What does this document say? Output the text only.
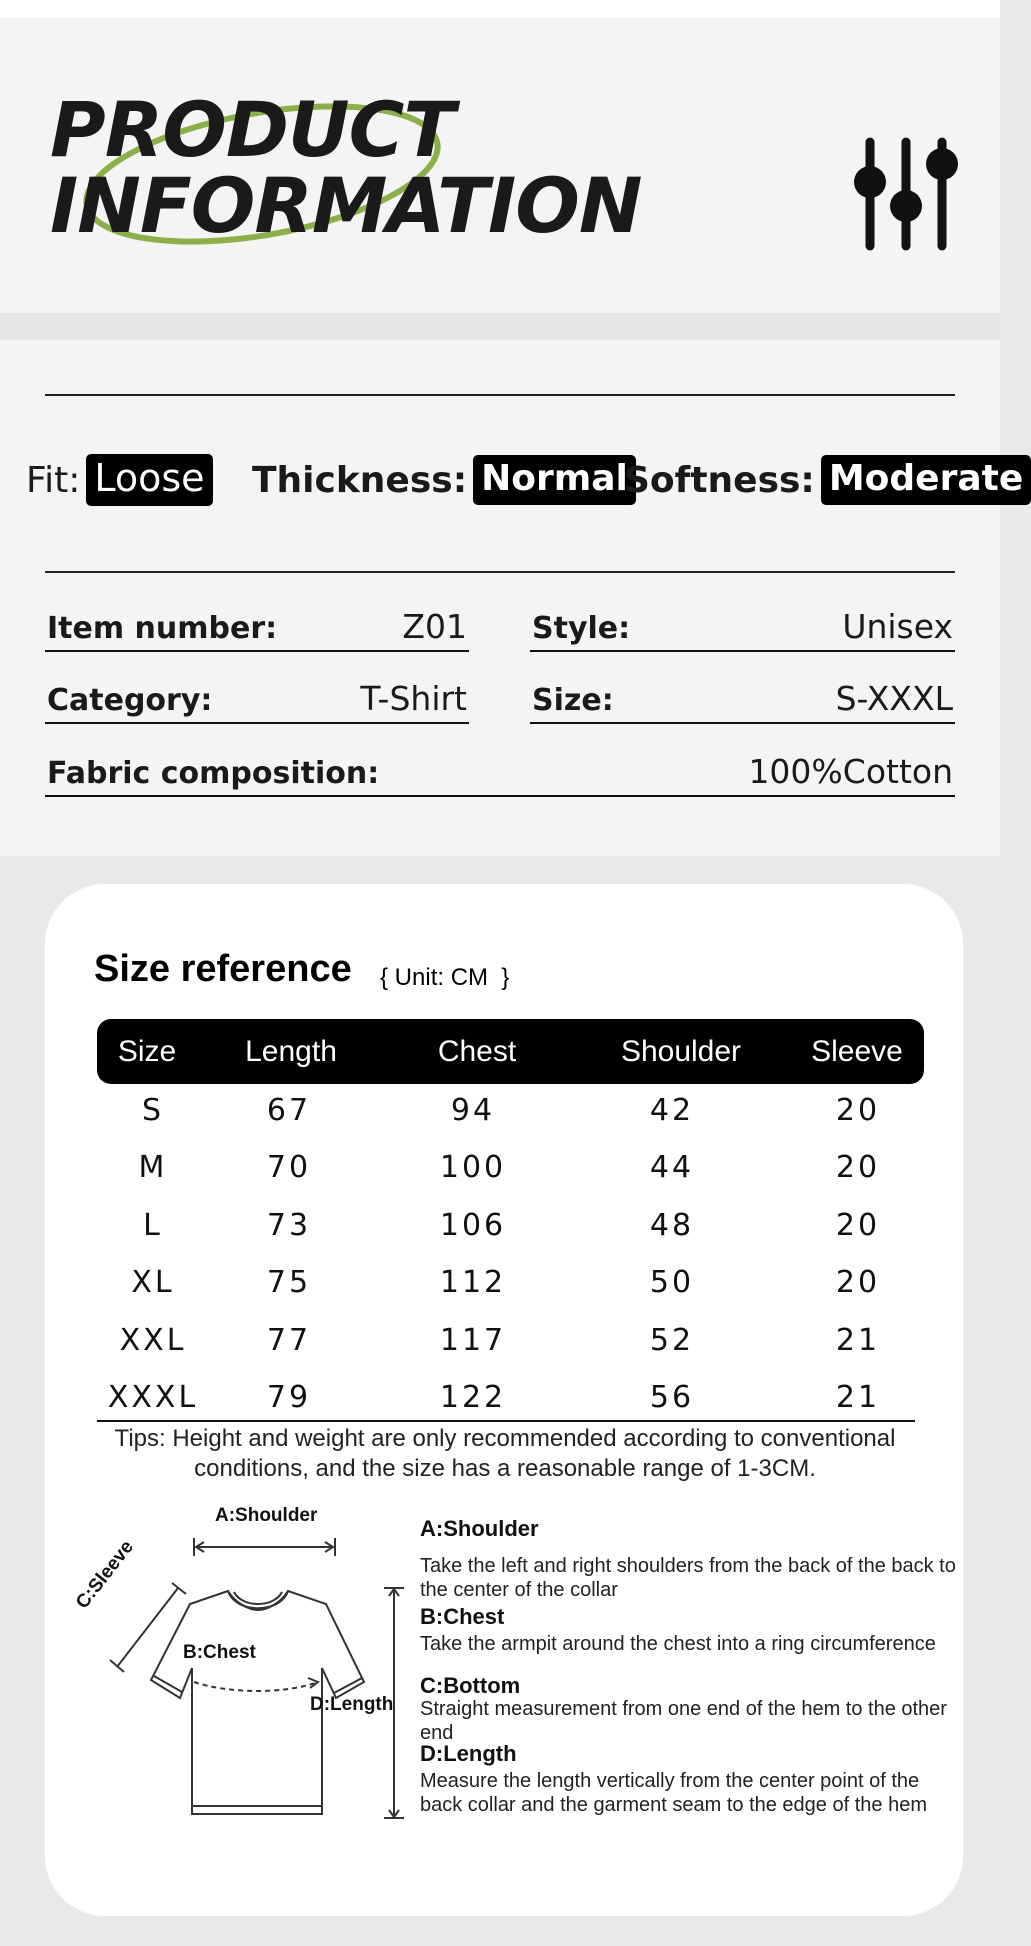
PRODUCT
INFORMATION
Fit: Loose Thickness: Normal
Softness: Moderate
Item number:	Z01 Style:	Unisex
Category:	T-Shirt Size:	S-XXXL
Fabric composition:	100%Cotton
Size reference { Unit: CM  }
Size Length	Chest	Shoulder Sleeve
S	67	94	42	20
M	70	100	44	20
L	73	106	48	20
XL	75	112	50	20
XXL	77	117	52	21
XXXL 79	122	56	21
Tips: Height and weight are only recommended according to conventional
conditions, and the size has a reasonable range of 1-3CM.
A:Shoulder
C:Sleeve
B:Chest
D:Length
A:Shoulder
Take the left and right shoulders from the back of the back to the center of the collar
B:Chest
Take the armpit around the chest into a ring circumference
C:Bottom
Straight measurement from one end of the hem to the other end
D:Length
Measure the length vertically from the center point of the back collar and the garment seam to the edge of the hem
